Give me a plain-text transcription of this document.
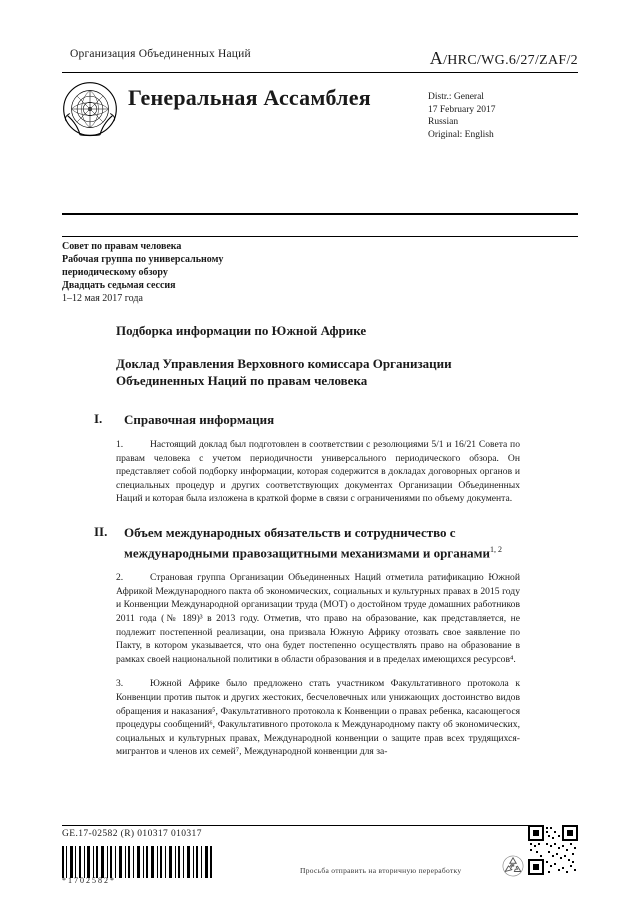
Организация Объединенных Наций	A/HRC/WG.6/27/ZAF/2
Генеральная Ассамблея	Distr.: General
17 February 2017
Russian
Original: English
Совет по правам человека
Рабочая группа по универсальному
периодическому обзору
Двадцать седьмая сессия
1–12 мая 2017 года
Подборка информации по Южной Африке
Доклад Управления Верховного комиссара Организации Объединенных Наций по правам человека
I.	Справочная информация

1.	Настоящий доклад был подготовлен в соответствии с резолюциями 5/1 и 16/21 Совета по правам человека с учетом периодичности универсального периодического обзора. Он представляет собой подборку информации, которая содержится в докладах договорных органов и специальных процедур и других соответствующих документах Организации Объединенных Наций и которая была изложена в краткой форме в связи с ограничениями по объему документа.

II.	Объем международных обязательств и сотрудничество с международными правозащитными механизмами и органами$^{1, 2}$

2.	Страновая группа Организации Объединенных Наций отметила ратификацию Южной Африкой Международного пакта об экономических, социальных и культурных правах в 2015 году и Конвенции Международной организации труда (МОТ) о достойном труде домашних работников 2011 года (№ 189)³ в 2013 году. Отметив, что право на образование, как представляется, не подлежит постепенной реализации, она призвала Южную Африку отозвать свое заявление по Пакту, в котором указывается, что она будет постепенно осуществлять право на образование в рамках своей национальной политики в области образования и в пределах имеющихся ресурсов⁴.

3.	Южной Африке было предложено стать участником Факультативного протокола к Конвенции против пыток и других жестоких, бесчеловечных или унижающих достоинство видов обращения и наказания⁵, Факультативного протокола к Конвенции о правах ребенка, касающегося процедуры сообщений⁶, Факультативного протокола к Международному пакту об экономических, социальных и культурных правах, Международной конвенции о защите прав всех трудящихся-мигрантов и членов их семей⁷, Международной конвенции для за-

GE.17-02582 (R) 010317 010317
*1702582*
Просьба отправить на вторичную переработку
